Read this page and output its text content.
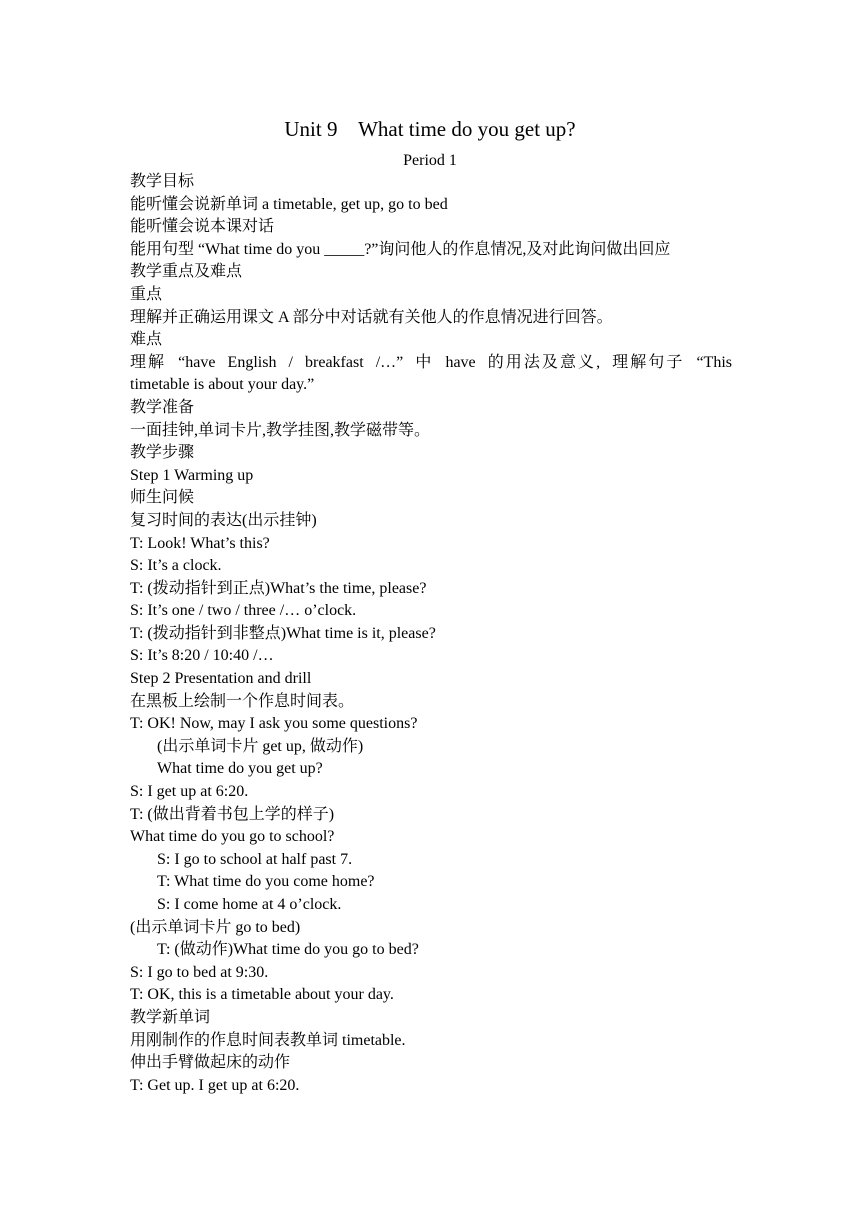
Unit 9    What time do you get up?
Period 1
教学目标
能听懂会说新单词 a timetable, get up, go to bed
能听懂会说本课对话
能用句型 “What time do you _____?”询问他人的作息情况,及对此询问做出回应
教学重点及难点
重点
理解并正确运用课文 A 部分中对话就有关他人的作息情况进行回答。
难点
理解 “have English / breakfast /…” 中 have 的用法及意义, 理解句子 “This
timetable is about your day.”
教学准备
一面挂钟,单词卡片,教学挂图,教学磁带等。
教学步骤
Step 1 Warming up
师生问候
复习时间的表达(出示挂钟)
T: Look! What’s this?
S: It’s a clock.
T: (拨动指针到正点)What’s the time, please?
S: It’s one / two / three /… o’clock.
T: (拨动指针到非整点)What time is it, please?
S: It’s 8:20 / 10:40 /…
Step 2 Presentation and drill
在黑板上绘制一个作息时间表。
T: OK! Now, may I ask you some questions?
(出示单词卡片 get up, 做动作)
What time do you get up?
S: I get up at 6:20.
T: (做出背着书包上学的样子)
What time do you go to school?
S: I go to school at half past 7.
T: What time do you come home?
S: I come home at 4 o’clock.
(出示单词卡片 go to bed)
T: (做动作)What time do you go to bed?
S: I go to bed at 9:30.
T: OK, this is a timetable about your day.
教学新单词
用刚制作的作息时间表教单词 timetable.
伸出手臂做起床的动作
T: Get up. I get up at 6:20.
